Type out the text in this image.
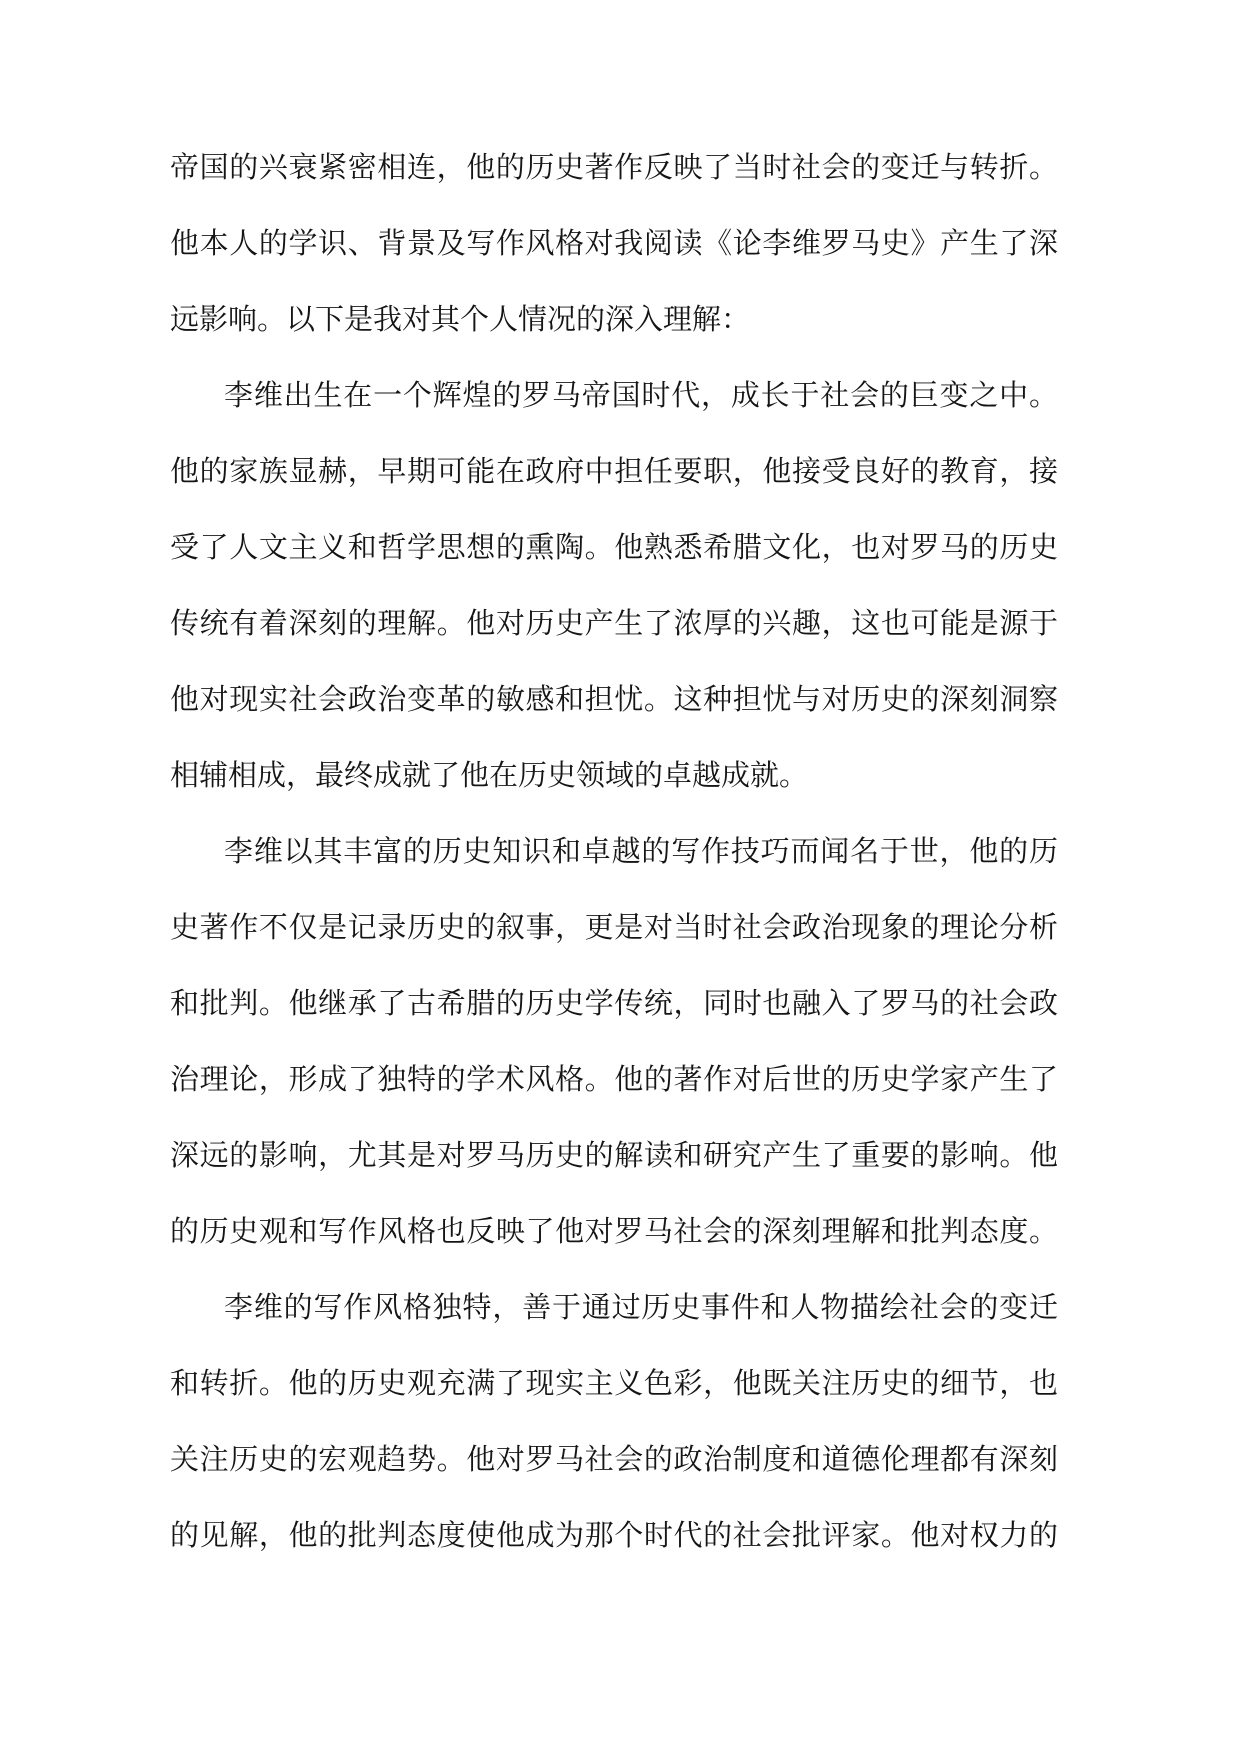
帝国的兴衰紧密相连，他的历史著作反映了当时社会的变迁与转折。
他本人的学识、背景及写作风格对我阅读《论李维罗马史》产生了深
远影响。以下是我对其个人情况的深入理解：
李维出生在一个辉煌的罗马帝国时代，成长于社会的巨变之中。
他的家族显赫，早期可能在政府中担任要职，他接受良好的教育，接
受了人文主义和哲学思想的熏陶。他熟悉希腊文化，也对罗马的历史
传统有着深刻的理解。他对历史产生了浓厚的兴趣，这也可能是源于
他对现实社会政治变革的敏感和担忧。这种担忧与对历史的深刻洞察
相辅相成，最终成就了他在历史领域的卓越成就。
李维以其丰富的历史知识和卓越的写作技巧而闻名于世，他的历
史著作不仅是记录历史的叙事，更是对当时社会政治现象的理论分析
和批判。他继承了古希腊的历史学传统，同时也融入了罗马的社会政
治理论，形成了独特的学术风格。他的著作对后世的历史学家产生了
深远的影响，尤其是对罗马历史的解读和研究产生了重要的影响。他
的历史观和写作风格也反映了他对罗马社会的深刻理解和批判态度。
李维的写作风格独特，善于通过历史事件和人物描绘社会的变迁
和转折。他的历史观充满了现实主义色彩，他既关注历史的细节，也
关注历史的宏观趋势。他对罗马社会的政治制度和道德伦理都有深刻
的见解，他的批判态度使他成为那个时代的社会批评家。他对权力的
